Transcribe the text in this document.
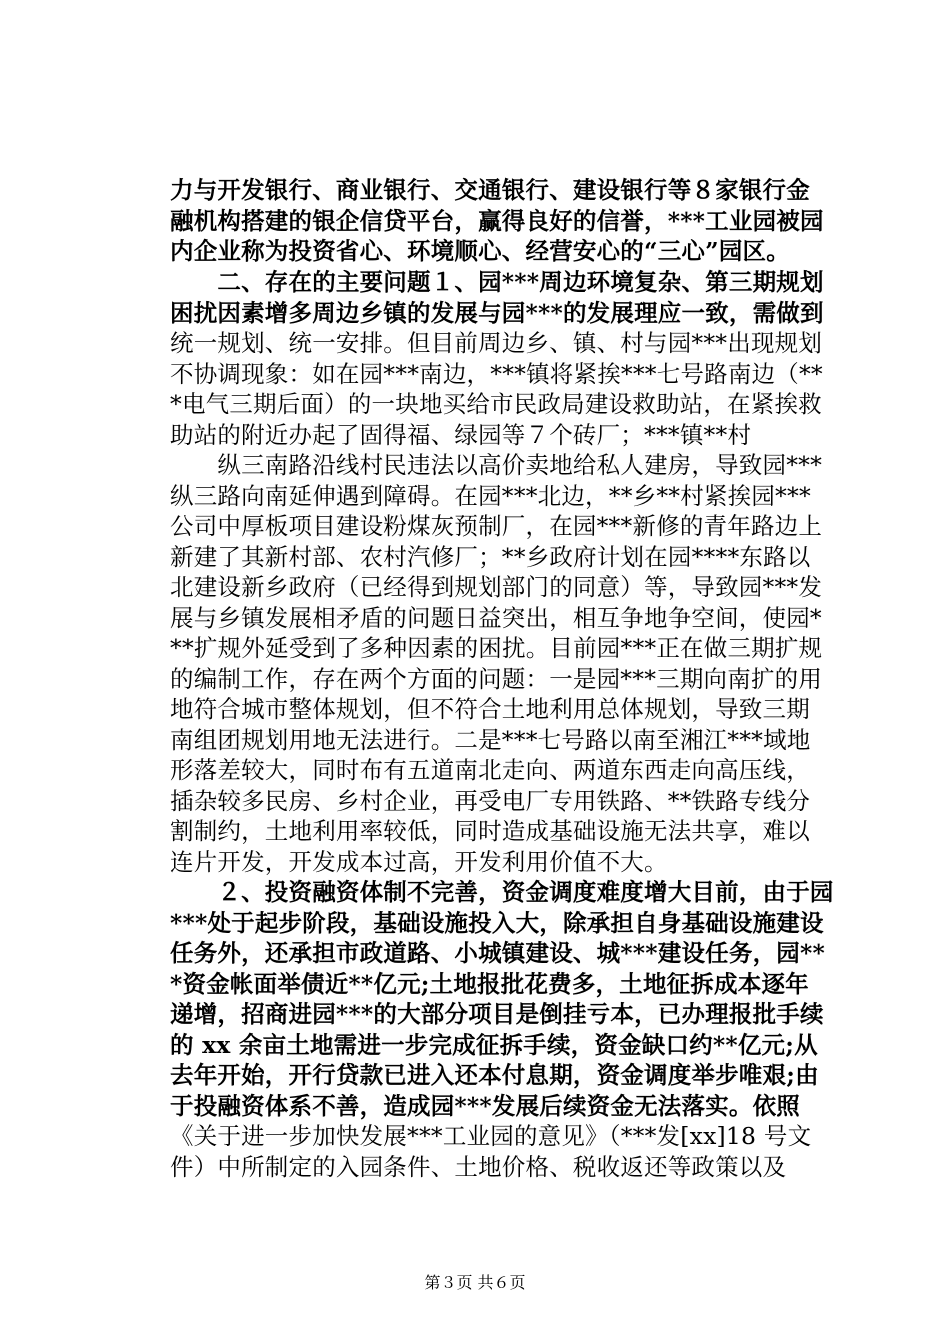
力与开发银行、商业银行、交通银行、建设银行等８家银行金
融机构搭建的银企信贷平台，赢得良好的信誉，***工业园被园
内企业称为投资省心、环境顺心、经营安心的“三心”园区。
　　二、存在的主要问题１、园***周边环境复杂、第三期规划
困扰因素增多周边乡镇的发展与园***的发展理应一致，需做到
统一规划、统一安排。但目前周边乡、镇、村与园***出现规划
不协调现象：如在园***南边，***镇将紧挨***七号路南边（**
*电气三期后面）的一块地买给市民政局建设救助站，在紧挨救
助站的附近办起了固得福、绿园等７个砖厂；***镇**村
　　纵三南路沿线村民违法以高价卖地给私人建房，导致园***
纵三路向南延伸遇到障碍。在园***北边，**乡**村紧挨园***
公司中厚板项目建设粉煤灰预制厂，在园***新修的青年路边上
新建了其新村部、农村汽修厂；**乡政府计划在园****东路以
北建设新乡政府（已经得到规划部门的同意）等，导致园***发
展与乡镇发展相矛盾的问题日益突出，相互争地争空间，使园*
**扩规外延受到了多种因素的困扰。目前园***正在做三期扩规
的编制工作，存在两个方面的问题：一是园***三期向南扩的用
地符合城市整体规划，但不符合土地利用总体规划，导致三期
南组团规划用地无法进行。二是***七号路以南至湘江***域地
形落差较大，同时布有五道南北走向、两道东西走向高压线，
插杂较多民房、乡村企业，再受电厂专用铁路、**铁路专线分
割制约，土地利用率较低，同时造成基础设施无法共享，难以
连片开发，开发成本过高，开发利用价值不大。
　　２、投资融资体制不完善，资金调度难度增大目前，由于园
***处于起步阶段，基础设施投入大，除承担自身基础设施建设
任务外，还承担市政道路、小城镇建设、城***建设任务，园**
*资金帐面举债近**亿元;土地报批花费多，土地征拆成本逐年
递增，招商进园***的大部分项目是倒挂亏本，已办理报批手续
的 xx 余亩土地需进一步完成征拆手续，资金缺口约**亿元;从
去年开始，开行贷款已进入还本付息期，资金调度举步唯艰;由
于投融资体系不善，造成园***发展后续资金无法落实。依照
《关于进一步加快发展***工业园的意见》（***发[xx]18 号文
件）中所制定的入园条件、土地价格、税收返还等政策以及
第３页 共６页
